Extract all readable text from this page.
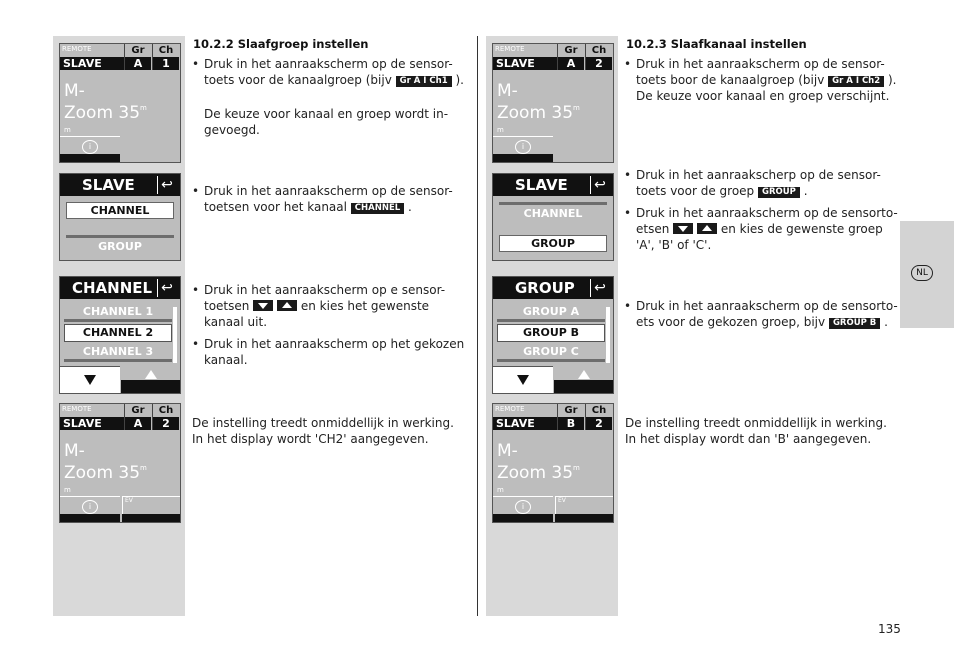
NL
REMOTE
SLAVE
Gr
A
Ch
1
M-
Zoom $35^{m m}$
i
SLAVE	↩
CHANNEL
GROUP
CHANNEL ↩
CHANNEL 1
CHANNEL 2
CHANNEL 3
REMOTE
SLAVE
Gr
A
Ch
2
M-
Zoom $35^{m m}$
i
EV
10.2.2 Slaafgroep instellen
• Druk in het aanraakscherm op de sensor-
toets voor de kanaalgroep (bijv Gr A I Ch1 ).
De keuze voor kanaal en groep wordt in-
gevoegd.
• Druk in het aanraakscherm op de sensor-
toetsen voor het kanaal CHANNEL .
• Druk in het aanraakscherm op e sensor-
toetsen	en kies het gewenste
kanaal uit.
• Druk in het aanraakscherm op het gekozen
kanaal.
De instelling treedt onmiddellijk in werking.
In het display wordt 'CH2' aangegeven.
REMOTE
SLAVE
Gr
A
Ch
2
M-
Zoom $35^{m m}$
i
SLAVE	↩
CHANNEL
GROUP
GROUP	↩
GROUP A
GROUP B
GROUP C
REMOTE
SLAVE
Gr
B
Ch
2
M-
Zoom $35^{m m}$
i
EV
10.2.3 Slaafkanaal instellen
• Druk in het aanraakscherm op de sensor-
toets boor de kanaalgroep (bijv Gr A I Ch2 ).
De keuze voor kanaal en groep verschijnt.
• Druk in het aanraakscherp op de sensor-
toets voor de groep GROUP .
• Druk in het aanraakscherm op de sensorto-
etsen	en kies de gewenste groep
'A', 'B' of 'C'.
• Druk in het aanraakscherm op de sensorto-
ets voor de gekozen groep, bijv GROUP B .
De instelling treedt onmiddellijk in werking.
In het display wordt dan 'B' aangegeven.
135
